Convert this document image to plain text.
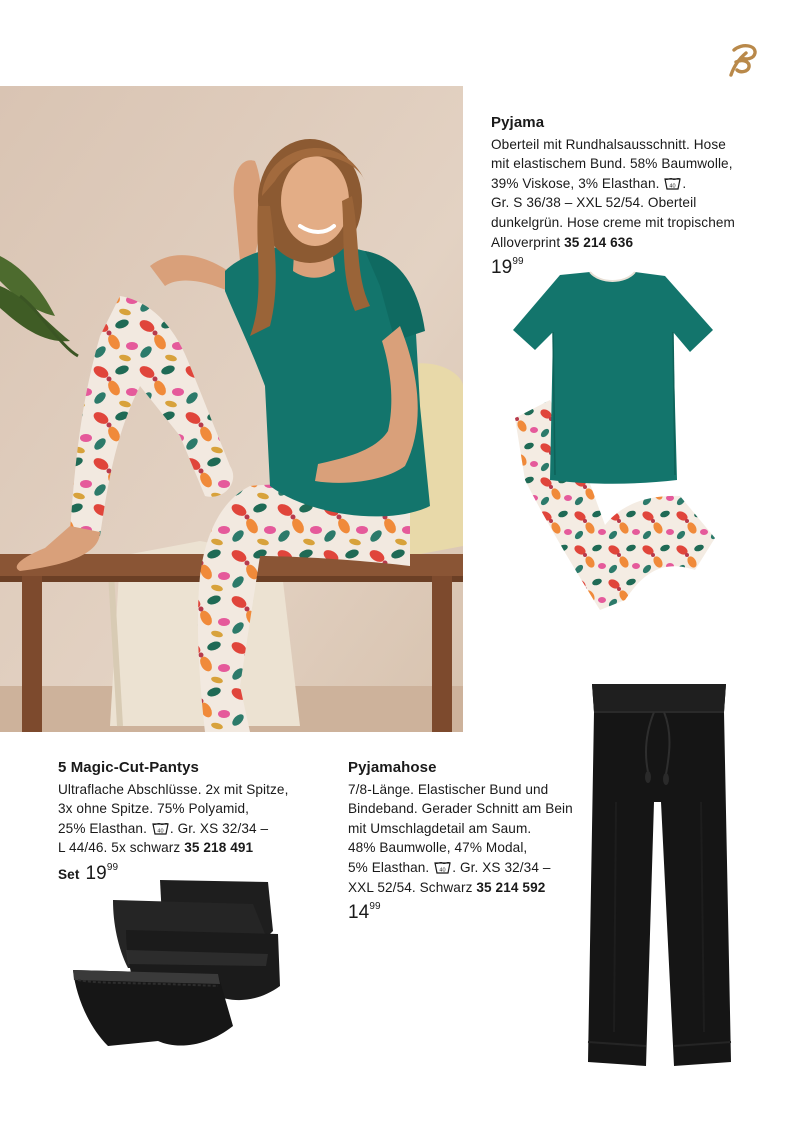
Pyjama
Oberteil mit Rundhalsausschnitt. Hose
mit elastischem Bund. 58% Baumwolle,
39% Viskose, 3% Elasthan. 40 .
Gr. S 36/38 – XXL 52/54. Oberteil
dunkelgrün. Hose creme mit tropischem
Alloverprint 35 214 636
$19^{99}$
5 Magic-Cut-Pantys
Ultraflache Abschlüsse. 2x mit Spitze,
3x ohne Spitze. 75% Polyamid,
25% Elasthan. 40 . Gr. XS 32/34 –
L 44/46. 5x schwarz 35 218 491
Set $19^{99}$
Pyjamahose
7/8-Länge. Elastischer Bund und
Bindeband. Gerader Schnitt am Bein
mit Umschlagdetail am Saum.
48% Baumwolle, 47% Modal,
5% Elasthan. 40 . Gr. XS 32/34 –
XXL 52/54. Schwarz 35 214 592
$14^{99}$
